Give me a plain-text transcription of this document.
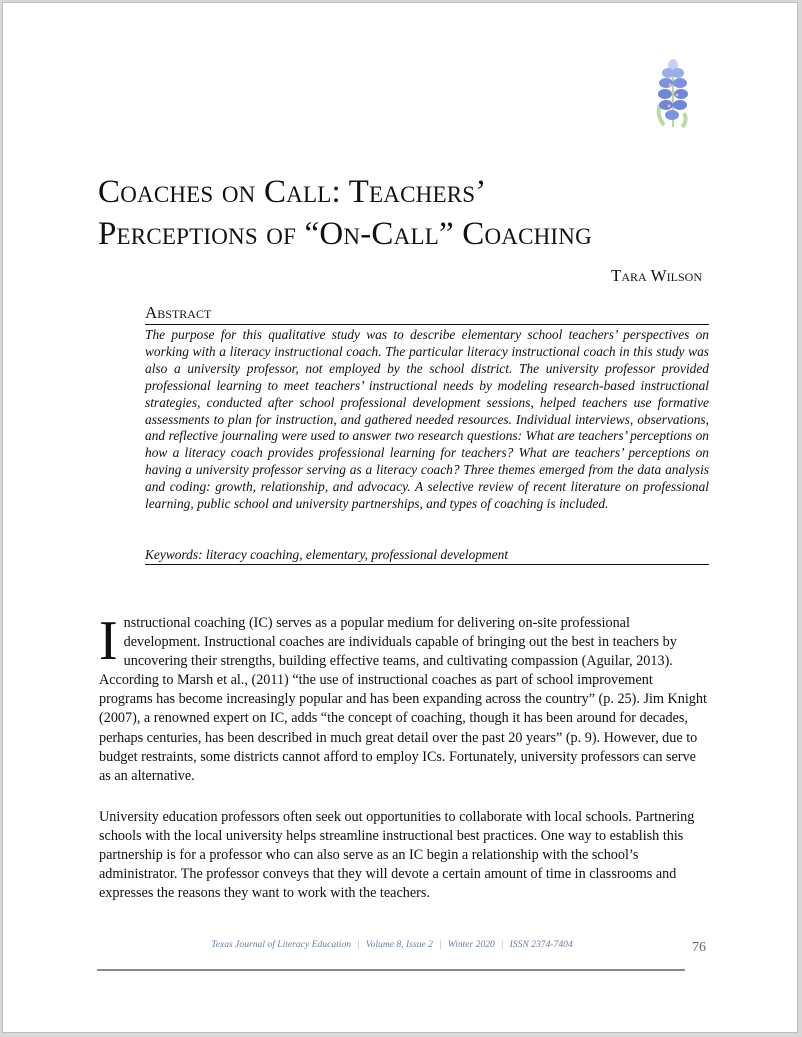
Coaches on Call: Teachers’
Perceptions of “On-Call” Coaching
Tara Wilson
Abstract

The purpose for this qualitative study was to describe elementary school teachers’ perspectives on working with a literacy instructional coach. The particular literacy instructional coach in this study was also a university professor, not employed by the school district. The university professor provided professional learning to meet teachers’ instructional needs by modeling research-based instructional strategies, conducted after school professional development sessions, helped teachers use formative assessments to plan for instruction, and gathered needed resources. Individual interviews, observations, and reflective journaling were used to answer two research questions: What are teachers’ perceptions on how a literacy coach provides professional learning for teachers? What are teachers’ perceptions on having a university professor serving as a literacy coach? Three themes emerged from the data analysis and coding: growth, relationship, and advocacy. A selective review of recent literature on professional learning, public school and university partnerships, and types of coaching is included.

Keywords: literacy coaching, elementary, professional development

Instructional coaching (IC) serves as a popular medium for delivering on-site professional development. Instructional coaches are individuals capable of bringing out the best in teachers by uncovering their strengths, building effective teams, and cultivating compassion (Aguilar, 2013). According to Marsh et al., (2011) “the use of instructional coaches as part of school improvement programs has become increasingly popular and has been expanding across the country” (p. 25). Jim Knight (2007), a renowned expert on IC, adds “the concept of coaching, though it has been around for decades, perhaps centuries, has been described in much great detail over the past 20 years” (p. 9). However, due to budget restraints, some districts cannot afford to employ ICs. Fortunately, university professors can serve as an alternative.

University education professors often seek out opportunities to collaborate with local schools. Partnering schools with the local university helps streamline instructional best practices. One way to establish this partnership is for a professor who can also serve as an IC begin a relationship with the school’s administrator. The professor conveys that they will devote a certain amount of time in classrooms and expresses the reasons they want to work with the teachers.

Texas Journal of Literacy Education | Volume 8, Issue 2 | Winter 2020 | ISSN 2374-7404	76
